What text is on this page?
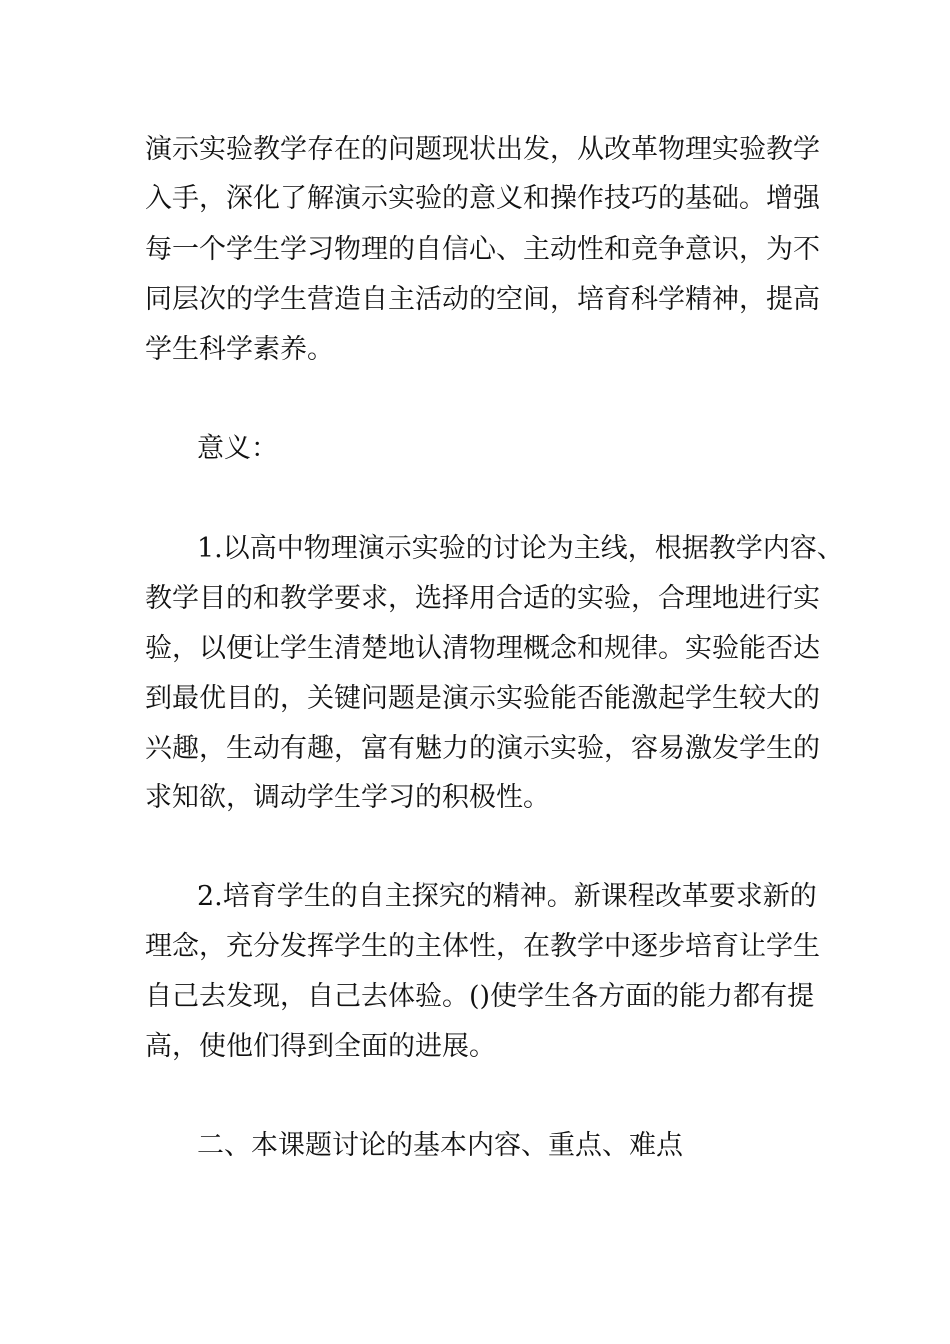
演示实验教学存在的问题现状出发，从改革物理实验教学
入手，深化了解演示实验的意义和操作技巧的基础。增强
每一个学生学习物理的自信心、主动性和竞争意识，为不
同层次的学生营造自主活动的空间，培育科学精神，提高
学生科学素养。
意义：
1.以高中物理演示实验的讨论为主线，根据教学内容、
教学目的和教学要求，选择用合适的实验，合理地进行实
验，以便让学生清楚地认清物理概念和规律。实验能否达
到最优目的，关键问题是演示实验能否能激起学生较大的
兴趣，生动有趣，富有魅力的演示实验，容易激发学生的
求知欲，调动学生学习的积极性。
2.培育学生的自主探究的精神。新课程改革要求新的
理念，充分发挥学生的主体性，在教学中逐步培育让学生
自己去发现，自己去体验。()使学生各方面的能力都有提
高，使他们得到全面的进展。
二、本课题讨论的基本内容、重点、难点
